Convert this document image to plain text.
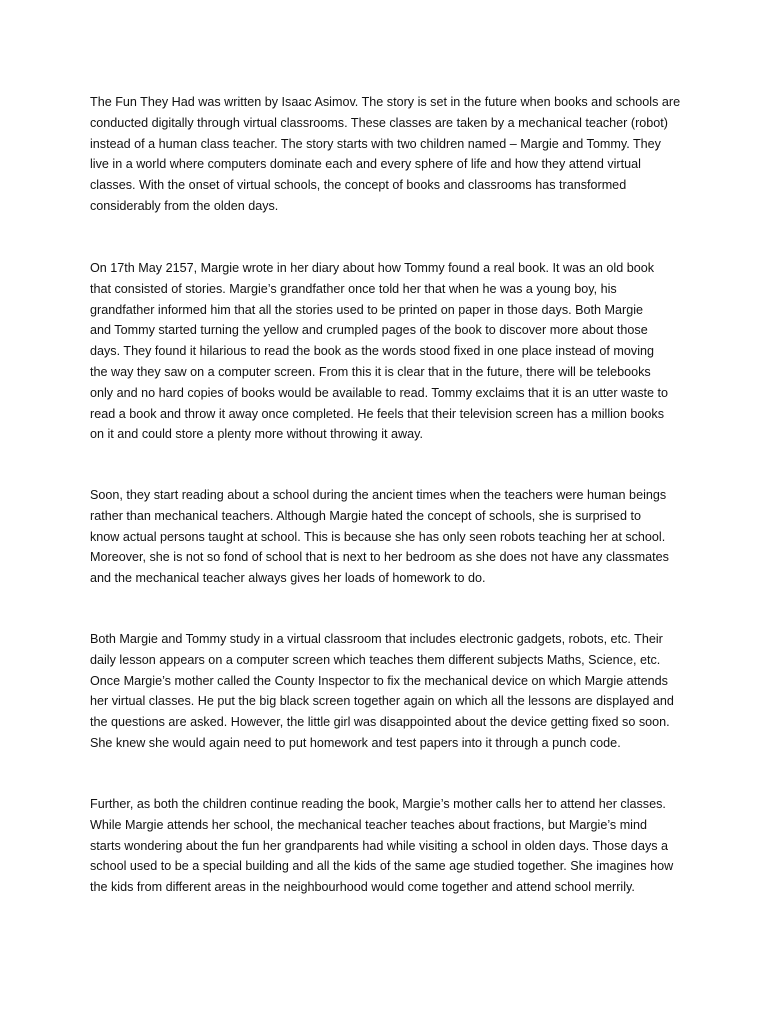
The Fun They Had was written by Isaac Asimov. The story is set in the future when books and schools are
conducted digitally through virtual classrooms. These classes are taken by a mechanical teacher (robot)
instead of a human class teacher. The story starts with two children named – Margie and Tommy. They
live in a world where computers dominate each and every sphere of life and how they attend virtual
classes. With the onset of virtual schools, the concept of books and classrooms has transformed
considerably from the olden days.

On 17th May 2157, Margie wrote in her diary about how Tommy found a real book. It was an old book
that consisted of stories. Margie’s grandfather once told her that when he was a young boy, his
grandfather informed him that all the stories used to be printed on paper in those days. Both Margie
and Tommy started turning the yellow and crumpled pages of the book to discover more about those
days. They found it hilarious to read the book as the words stood fixed in one place instead of moving
the way they saw on a computer screen. From this it is clear that in the future, there will be telebooks
only and no hard copies of books would be available to read. Tommy exclaims that it is an utter waste to
read a book and throw it away once completed. He feels that their television screen has a million books
on it and could store a plenty more without throwing it away.

Soon, they start reading about a school during the ancient times when the teachers were human beings
rather than mechanical teachers. Although Margie hated the concept of schools, she is surprised to
know actual persons taught at school. This is because she has only seen robots teaching her at school.
Moreover, she is not so fond of school that is next to her bedroom as she does not have any classmates
and the mechanical teacher always gives her loads of homework to do.

Both Margie and Tommy study in a virtual classroom that includes electronic gadgets, robots, etc. Their
daily lesson appears on a computer screen which teaches them different subjects Maths, Science, etc.
Once Margie’s mother called the County Inspector to fix the mechanical device on which Margie attends
her virtual classes. He put the big black screen together again on which all the lessons are displayed and
the questions are asked. However, the little girl was disappointed about the device getting fixed so soon.
She knew she would again need to put homework and test papers into it through a punch code.

Further, as both the children continue reading the book, Margie’s mother calls her to attend her classes.
While Margie attends her school, the mechanical teacher teaches about fractions, but Margie’s mind
starts wondering about the fun her grandparents had while visiting a school in olden days. Those days a
school used to be a special building and all the kids of the same age studied together. She imagines how
the kids from different areas in the neighbourhood would come together and attend school merrily.
